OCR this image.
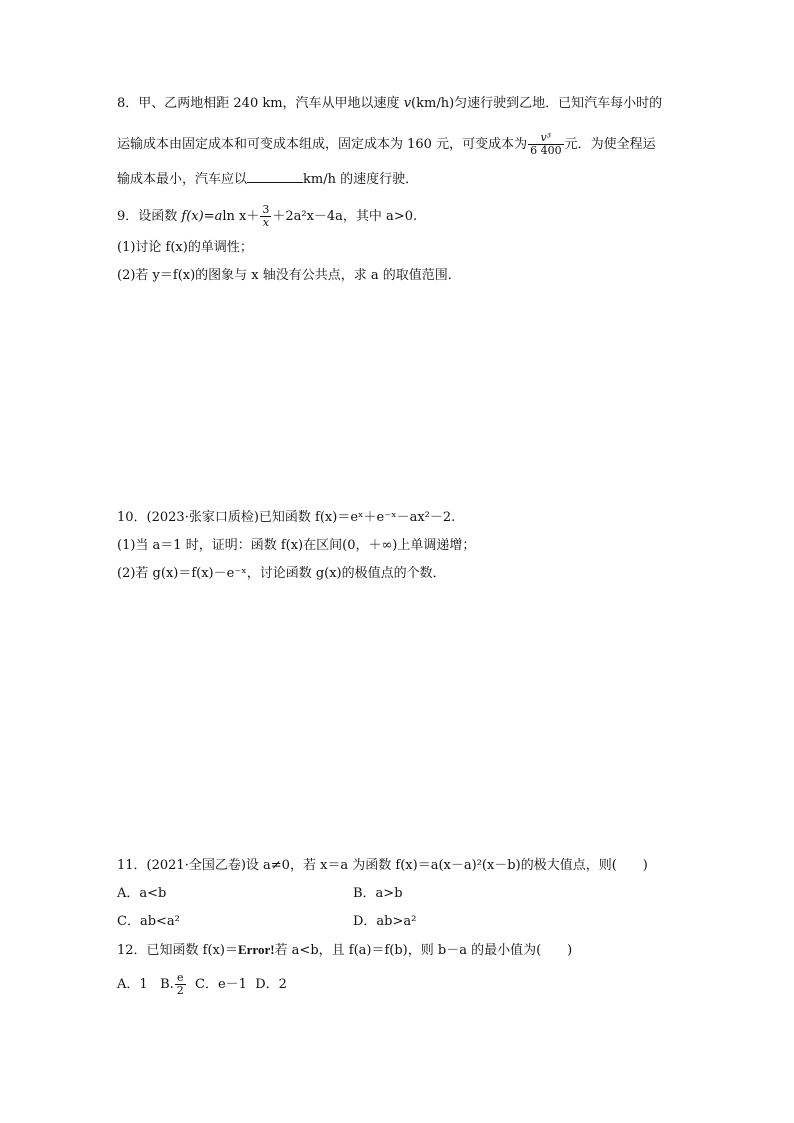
8．甲、乙两地相距 240 km，汽车从甲地以速度 v(km/h)匀速行驶到乙地．已知汽车每小时的
运输成本由固定成本和可变成本组成，固定成本为 160 元，可变成本为 $\frac{\text{v³}}{6 400}$ 元．为使全程运
输成本最小，汽车应以	km/h 的速度行驶．
9．设函数 f(x)=aln $x+ \frac{3}{x} +2a^2x-4a$，其中 a>0.
(1)讨论 f(x)的单调性；
(2)若 y＝f(x)的图象与 x 轴没有公共点，求 a 的取值范围．
10．(2023·张家口质检)已知函数 f(x)＝eˣ＋e⁻ˣ－ax²－2.
(1)当 a＝1 时，证明：函数 f(x)在区间(0，＋∞)上单调递增；
(2)若 g(x)＝f(x)－e⁻ˣ，讨论函数 g(x)的极值点的个数．
11．(2021·全国乙卷)设 a≠0，若 x＝a 为函数 f(x)＝a(x－a)²(x－b)的极大值点，则(　　)
A．a<b	B．a>b
C．ab<a²	D．ab>a²
12．已知函数 f(x)＝Error!若 a<b，且 f(a)＝f(b)，则 b－a 的最小值为(　　)
A．1 B. $\frac{e}{2}$ C．e－1 D．2
